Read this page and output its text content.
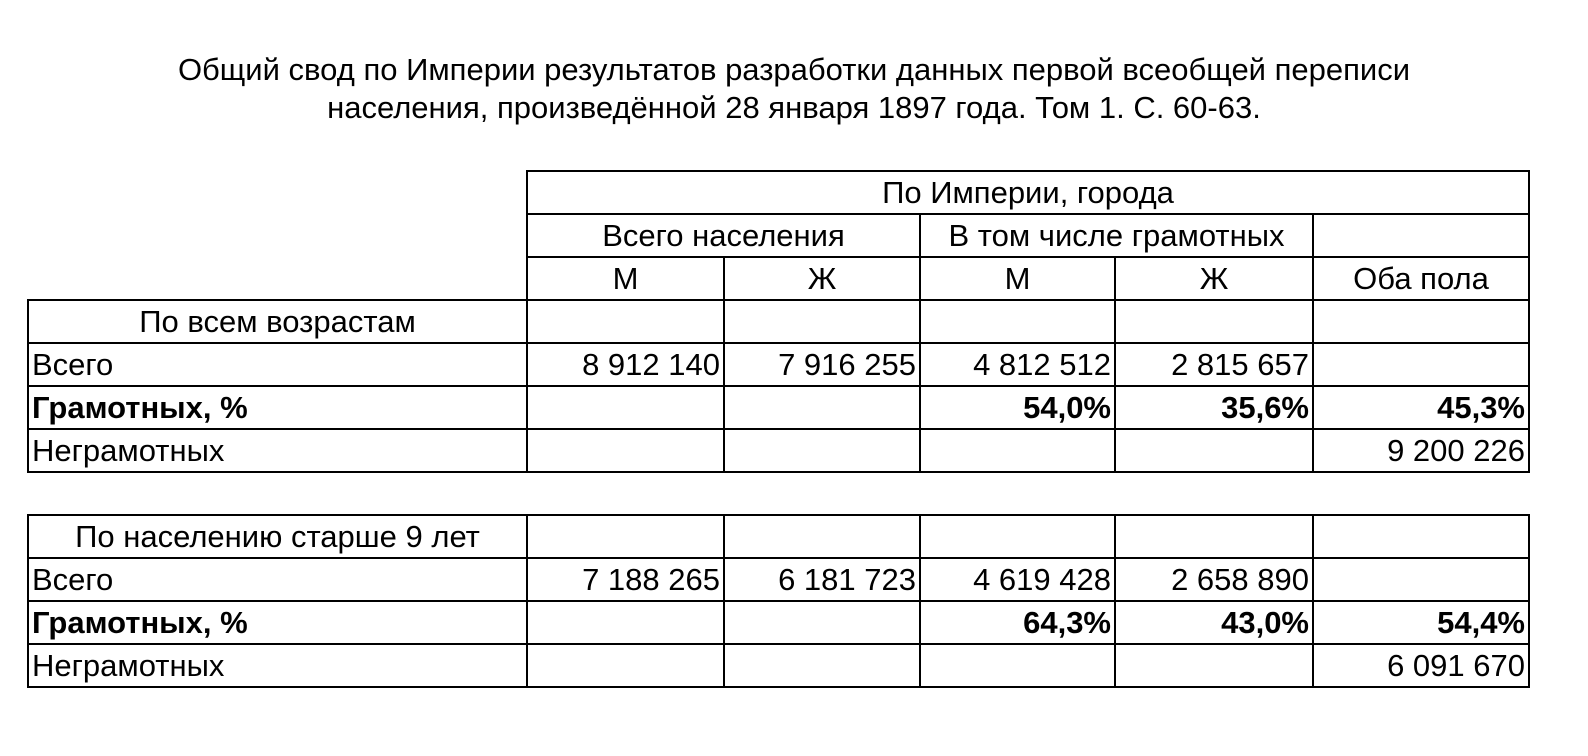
Общий свод по Империи результатов разработки данных первой всеобщей переписи
населения, произведённой 28 января 1897 года. Том 1. С. 60-63.
	По Империи, города				
	Всего населения		В том числе грамотных		
	М	Ж	М	Ж	Оба пола
По всем возрастам					
Всего	8 912 140	7 916 255	4 812 512	2 815 657	
Грамотных, %			54,0%	35,6%	45,3%
Неграмотных					9 200 226
По населению старше 9 лет					
Всего	7 188 265	6 181 723	4 619 428	2 658 890	
Грамотных, %			64,3%	43,0%	54,4%
Неграмотных					6 091 670
